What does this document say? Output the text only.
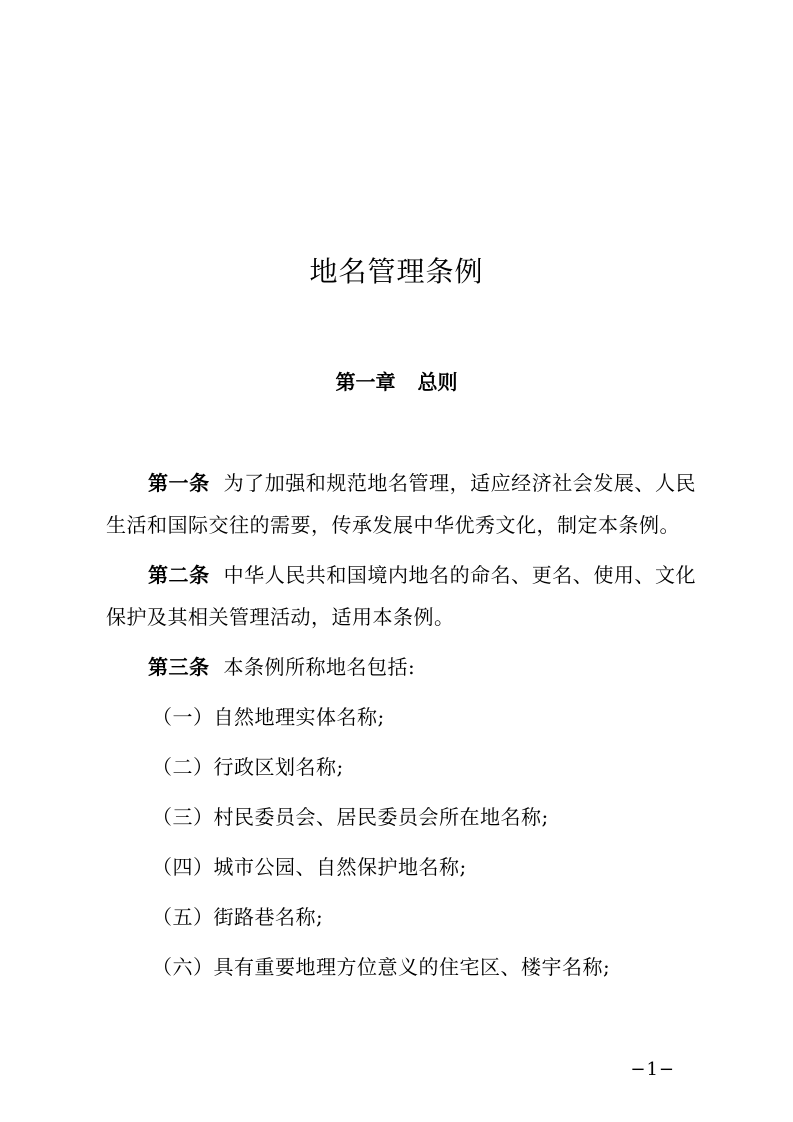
地名管理条例
第一章 总则

第一条 为了加强和规范地名管理，适应经济社会发展、人民生活和国际交往的需要，传承发展中华优秀文化，制定本条例。

第二条 中华人民共和国境内地名的命名、更名、使用、文化保护及其相关管理活动，适用本条例。

第三条 本条例所称地名包括:

（一）自然地理实体名称;

（二）行政区划名称;

（三）村民委员会、居民委员会所在地名称;

（四）城市公园、自然保护地名称;

（五）街路巷名称;

（六）具有重要地理方位意义的住宅区、楼宇名称;

−1−
